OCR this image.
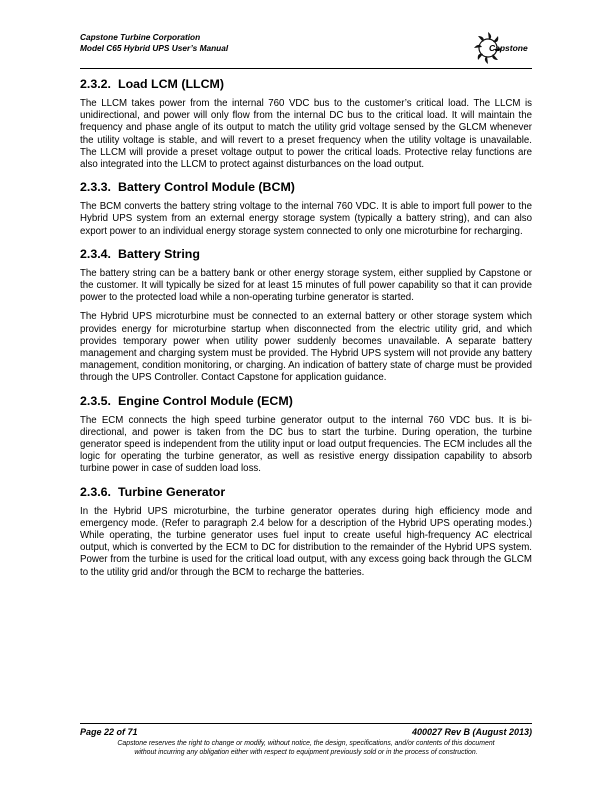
Capstone Turbine Corporation
Model C65 Hybrid UPS User’s Manual	Capstone
2.3.2. Load LCM (LLCM)

The LLCM takes power from the internal 760 VDC bus to the customer’s critical load. The LLCM is unidirectional, and power will only flow from the internal DC bus to the critical load. It will maintain the frequency and phase angle of its output to match the utility grid voltage sensed by the GLCM whenever the utility voltage is stable, and will revert to a preset frequency when the utility voltage is unavailable. The LLCM will provide a preset voltage output to power the critical loads. Protective relay functions are also integrated into the LLCM to protect against disturbances on the load output.

2.3.3. Battery Control Module (BCM)

The BCM converts the battery string voltage to the internal 760 VDC. It is able to import full power to the Hybrid UPS system from an external energy storage system (typically a battery string), and can also export power to an individual energy storage system connected to only one microturbine for recharging.

2.3.4. Battery String

The battery string can be a battery bank or other energy storage system, either supplied by Capstone or the customer. It will typically be sized for at least 15 minutes of full power capability so that it can provide power to the protected load while a non-operating turbine generator is started.

The Hybrid UPS microturbine must be connected to an external battery or other storage system which provides energy for microturbine startup when disconnected from the electric utility grid, and which provides temporary power when utility power suddenly becomes unavailable. A separate battery management and charging system must be provided. The Hybrid UPS system will not provide any battery management, condition monitoring, or charging. An indication of battery state of charge must be provided through the UPS Controller. Contact Capstone for application guidance.

2.3.5. Engine Control Module (ECM)

The ECM connects the high speed turbine generator output to the internal 760 VDC bus. It is bi-directional, and power is taken from the DC bus to start the turbine. During operation, the turbine generator speed is independent from the utility input or load output frequencies. The ECM includes all the logic for operating the turbine generator, as well as resistive energy dissipation capability to absorb turbine power in case of sudden load loss.

2.3.6. Turbine Generator

In the Hybrid UPS microturbine, the turbine generator operates during high efficiency mode and emergency mode. (Refer to paragraph 2.4 below for a description of the Hybrid UPS operating modes.) While operating, the turbine generator uses fuel input to create useful high-frequency AC electrical output, which is converted by the ECM to DC for distribution to the remainder of the Hybrid UPS system. Power from the turbine is used for the critical load output, with any excess going back through the GLCM to the utility grid and/or through the BCM to recharge the batteries.

Page 22 of 71	400027 Rev B (August 2013)
Capstone reserves the right to change or modify, without notice, the design, specifications, and/or contents of this document
without incurring any obligation either with respect to equipment previously sold or in the process of construction.
